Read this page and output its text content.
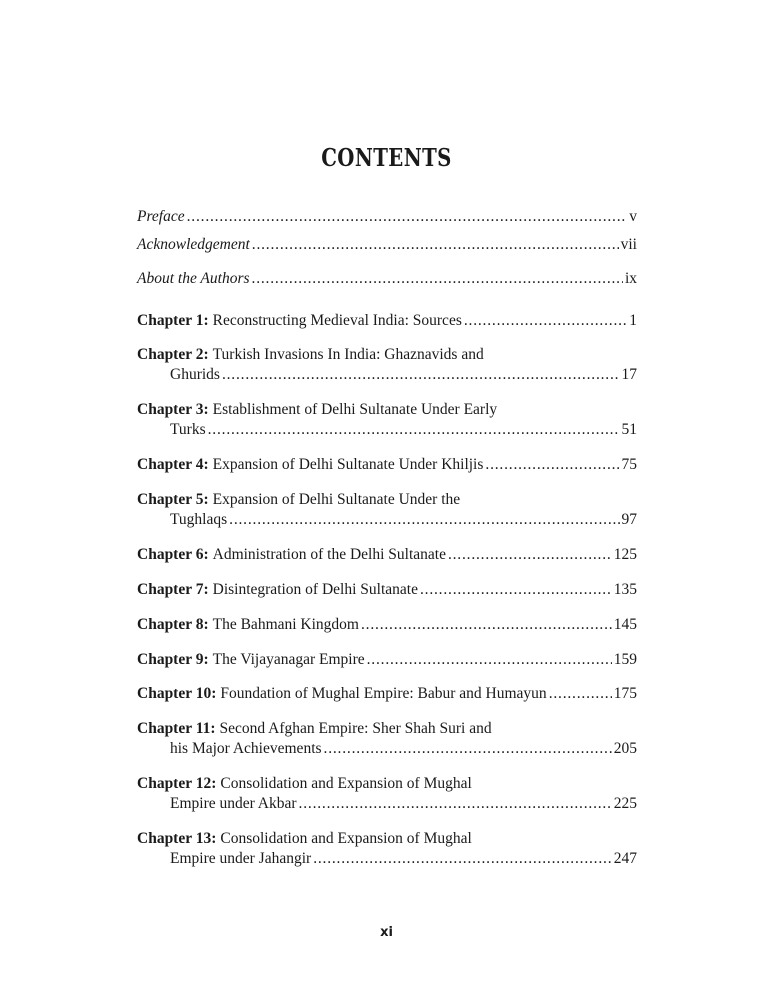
CONTENTS
Preface .....	v
Acknowledgement .....	vii
About the Authors .....	ix
Chapter 1: Reconstructing Medieval India: Sources .....	1
Chapter 2: Turkish Invasions In India: Ghaznavids and
Ghurids .....	17
Chapter 3: Establishment of Delhi Sultanate Under Early
Turks .....	51
Chapter 4: Expansion of Delhi Sultanate Under Khiljis .....	75
Chapter 5: Expansion of Delhi Sultanate Under the
Tughlaqs .....	97
Chapter 6: Administration of the Delhi Sultanate .....	125
Chapter 7: Disintegration of Delhi Sultanate .....	135
Chapter 8: The Bahmani Kingdom .....	145
Chapter 9: The Vijayanagar Empire .....	159
Chapter 10: Foundation of Mughal Empire: Babur and Humayun .....	175
Chapter 11: Second Afghan Empire: Sher Shah Suri and
his Major Achievements .....	205
Chapter 12: Consolidation and Expansion of Mughal
Empire under Akbar .....	225
Chapter 13: Consolidation and Expansion of Mughal
Empire under Jahangir .....	247
xi
